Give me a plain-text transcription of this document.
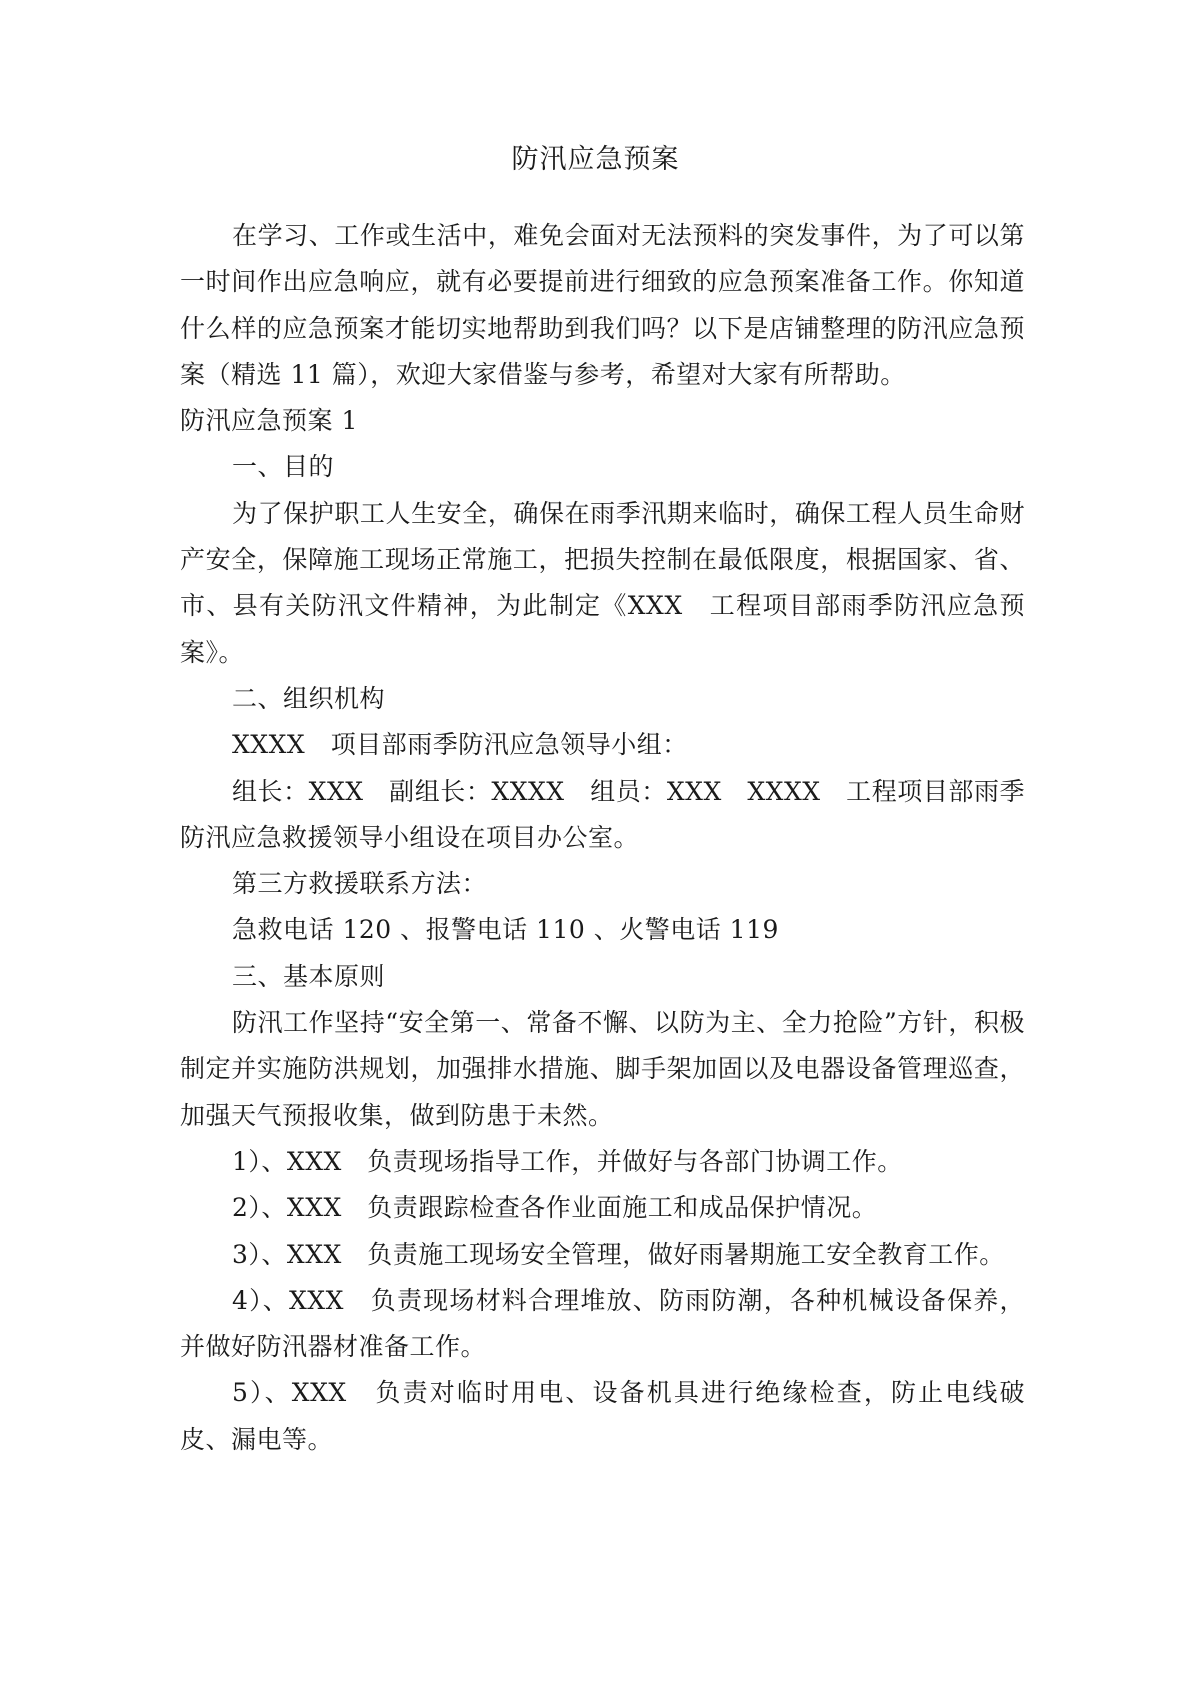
防汛应急预案

在学习、工作或生活中，难免会面对无法预料的突发事件，为了可以第一时间作出应急响应，就有必要提前进行细致的应急预案准备工作。你知道什么样的应急预案才能切实地帮助到我们吗？以下是店铺整理的防汛应急预案（精选 11 篇），欢迎大家借鉴与参考，希望对大家有所帮助。

防汛应急预案 1

一、目的

为了保护职工人生安全，确保在雨季汛期来临时，确保工程人员生命财产安全，保障施工现场正常施工，把损失控制在最低限度，根据国家、省、市、县有关防汛文件精神，为此制定《XXX　工程项目部雨季防汛应急预案》。

二、组织机构

XXXX　项目部雨季防汛应急领导小组：

组长：XXX　副组长：XXXX　组员：XXX　XXXX　工程项目部雨季防汛应急救援领导小组设在项目办公室。

第三方救援联系方法：

急救电话 120 、报警电话 110 、火警电话 119

三、基本原则

防汛工作坚持“安全第一、常备不懈、以防为主、全力抢险”方针，积极制定并实施防洪规划，加强排水措施、脚手架加固以及电器设备管理巡查，加强天气预报收集，做到防患于未然。

1）、XXX　负责现场指导工作，并做好与各部门协调工作。

2）、XXX　负责跟踪检查各作业面施工和成品保护情况。

3）、XXX　负责施工现场安全管理，做好雨暑期施工安全教育工作。

4）、XXX　负责现场材料合理堆放、防雨防潮，各种机械设备保养，并做好防汛器材准备工作。

5）、XXX　负责对临时用电、设备机具进行绝缘检查，防止电线破皮、漏电等。
